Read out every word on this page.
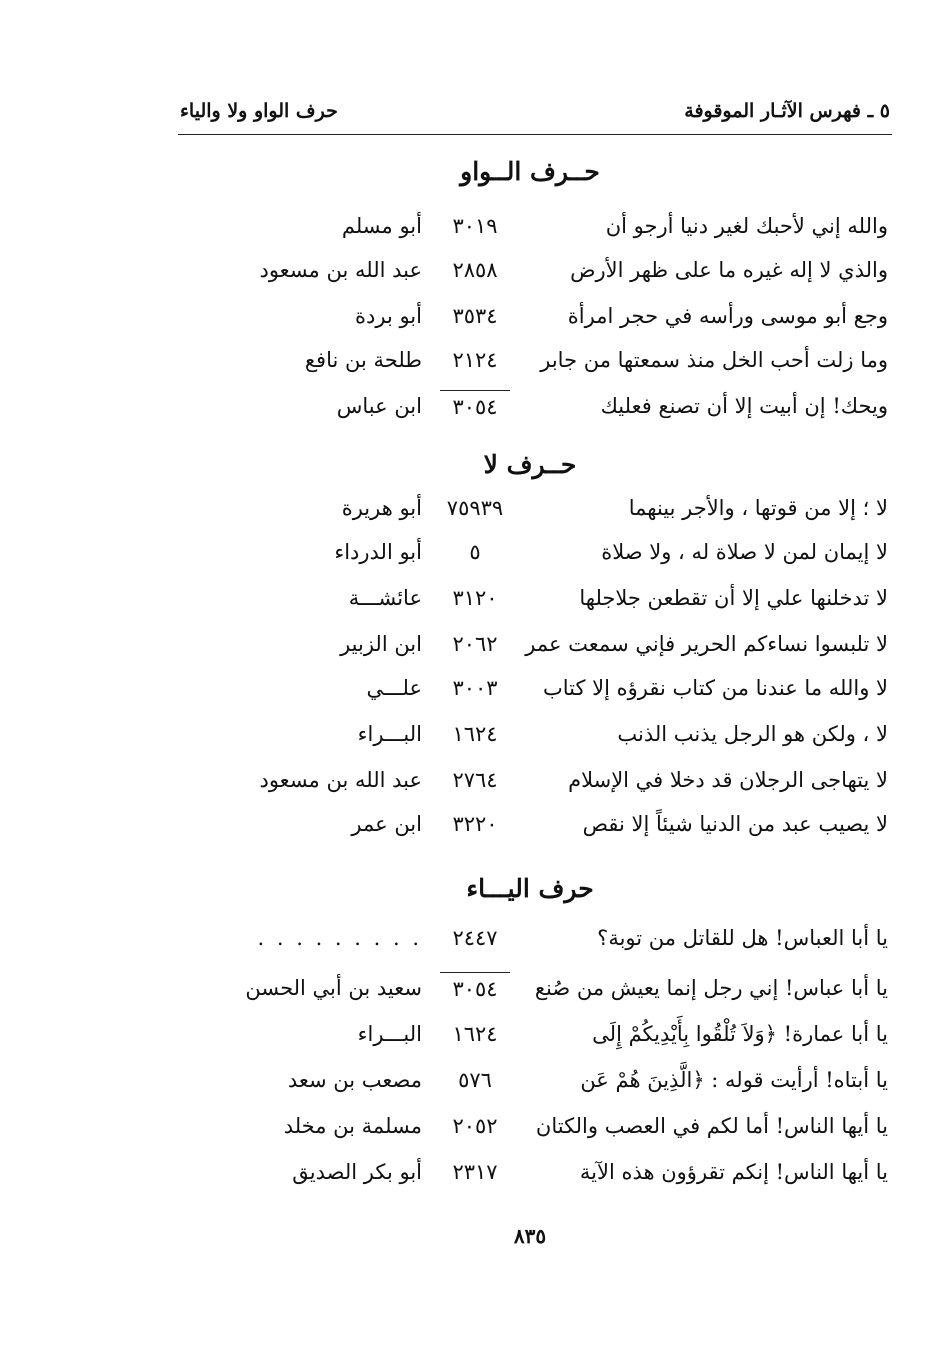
٥ ـ فهرس الآثـار الموقوفة
حرف الواو ولا والياء
حــرف الــواو
والله إني لأحبك لغير دنيا أرجو أن
٣٠١٩
أبو مسلم
والذي لا إله غيره ما على ظهر الأرض
٢٨٥٨
عبد الله بن مسعود
وجع أبو موسى ورأسه في حجر امرأة
٣٥٣٤
أبو بردة
وما زلت أحب الخل منذ سمعتها من جابر
٢١٢٤
طلحة بن نافع
ويحك! إن أبيت إلا أن تصنع فعليك
٣٠٥٤
ابن عباس
حــرف لا
لا ؛ إلا من قوتها ، والأجر بينهما
٧٥٩٣٩
أبو هريرة
لا إيمان لمن لا صلاة له ، ولا صلاة
٥
أبو الدرداء
لا تدخلنها علي إلا أن تقطعن جلاجلها
٣١٢٠
عائشـــة
لا تلبسوا نساءكم الحرير فإني سمعت عمر
٢٠٦٢
ابن الزبير
لا والله ما عندنا من كتاب نقرؤه إلا كتاب
٣٠٠٣
علـــي
لا ، ولكن هو الرجل يذنب الذنب
١٦٢٤
البـــراء
لا يتهاجى الرجلان قد دخلا في الإسلام
٢٧٦٤
عبد الله بن مسعود
لا يصيب عبد من الدنيا شيئاً إلا نقص
٣٢٢٠
ابن عمر
حرف اليـــاء
يا أبا العباس! هل للقاتل من توبة؟
٢٤٤٧
. . . . . . . . .
يا أبا عباس! إني رجل إنما يعيش من صُنع
٣٠٥٤
سعيد بن أبي الحسن
يا أبا عمارة! ﴿وَلاَ تُلْقُوا بِأَيْدِيكُمْ إِلَى
١٦٢٤
البـــراء
يا أبتاه! أرأيت قوله : ﴿الَّذِينَ هُمْ عَن
٥٧٦
مصعب بن سعد
يا أيها الناس! أما لكم في العصب والكتان
٢٠٥٢
مسلمة بن مخلد
يا أيها الناس! إنكم تقرؤون هذه الآية
٢٣١٧
أبو بكر الصديق
٨٣٥
